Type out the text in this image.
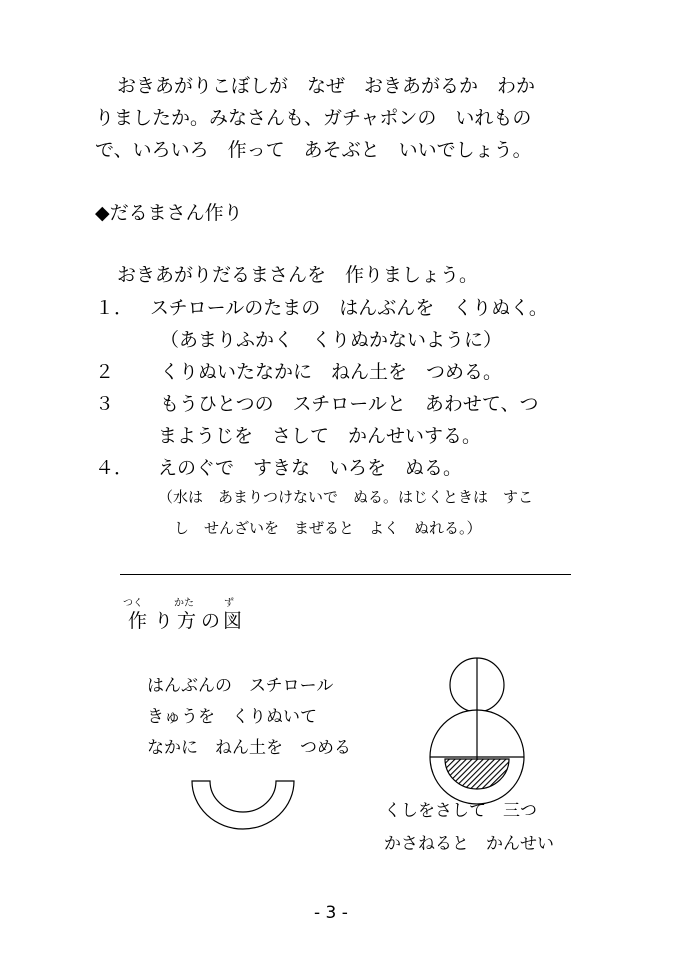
おきあがりこぼしが　なぜ　おきあがるか　わか
りましたか。みなさんも、ガチャポンの　いれもの
で、いろいろ　作って　あそぶと　いいでしょう。
◆だるまさん作り
おきあがりだるまさんを　作りましょう。
１． スチロールのたまの　はんぶんを　くりぬく。
（あまりふかく　くりぬかないように）
２ くりぬいたなかに　ねん土を　つめる。
３ もうひとつの　スチロールと　あわせて、つ
まようじを　さして　かんせいする。
４． えのぐで　すきな　いろを　ぬる。
（水は　あまりつけないで　ぬる。はじくときは　すこ
し　せんざいを　まぜると　よく　ぬれる。）
つく	かた	ず
作 り 方 の 図
はんぶんの　スチロール
きゅうを　くりぬいて
なかに　ねん土を　つめる
くしをさして　三つ
かさねると　かんせい
- 3 -
